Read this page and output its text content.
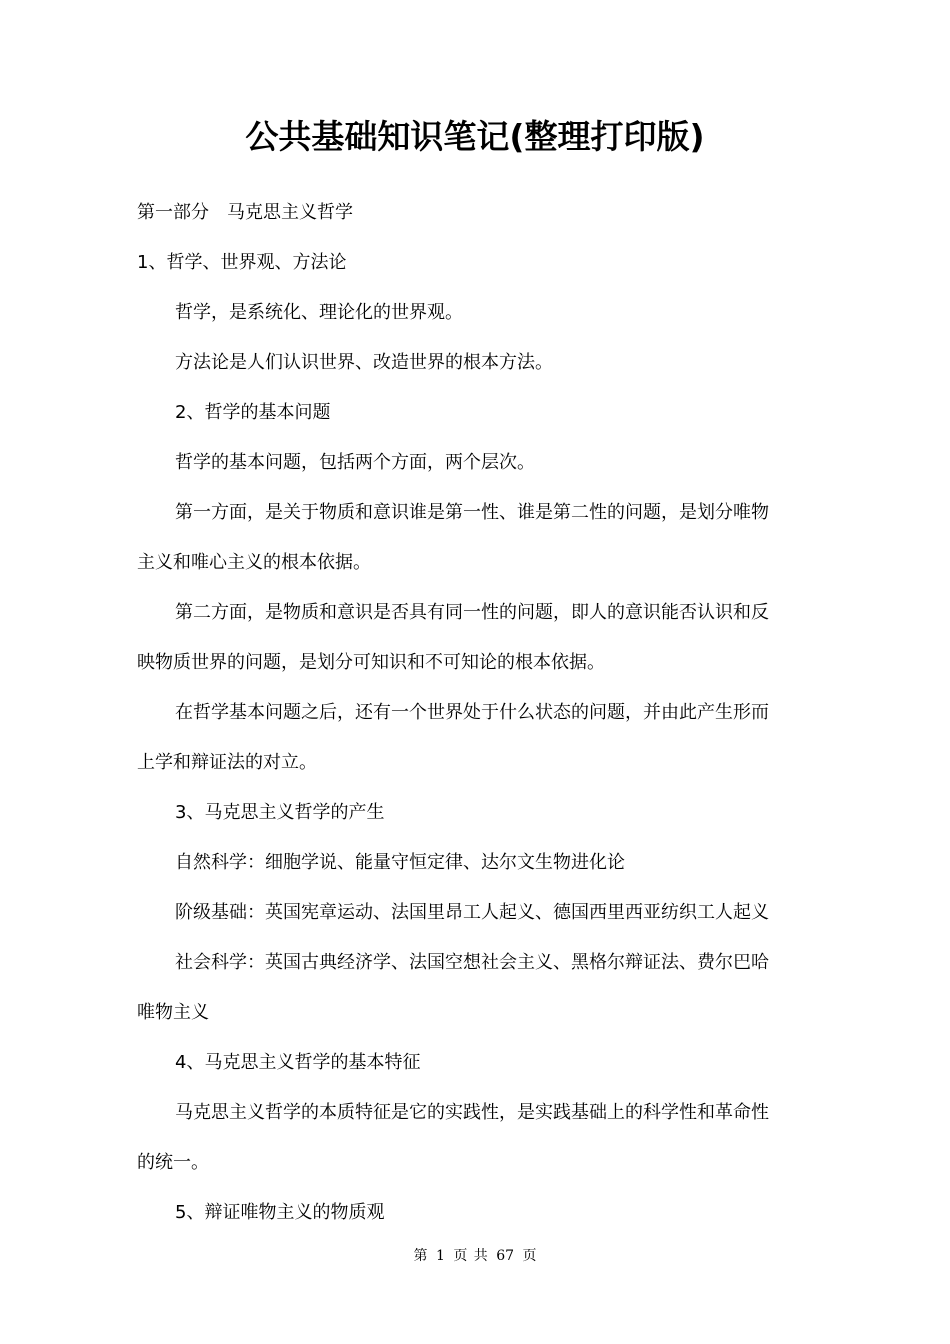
公共基础知识笔记(整理打印版)

第一部分　马克思主义哲学

1、哲学、世界观、方法论

哲学，是系统化、理论化的世界观。

方法论是人们认识世界、改造世界的根本方法。

2、哲学的基本问题

哲学的基本问题，包括两个方面，两个层次。

第一方面，是关于物质和意识谁是第一性、谁是第二性的问题，是划分唯物

主义和唯心主义的根本依据。

第二方面，是物质和意识是否具有同一性的问题，即人的意识能否认识和反

映物质世界的问题，是划分可知识和不可知论的根本依据。

在哲学基本问题之后，还有一个世界处于什么状态的问题，并由此产生形而

上学和辩证法的对立。

3、马克思主义哲学的产生

自然科学：细胞学说、能量守恒定律、达尔文生物进化论

阶级基础：英国宪章运动、法国里昂工人起义、德国西里西亚纺织工人起义

社会科学：英国古典经济学、法国空想社会主义、黑格尔辩证法、费尔巴哈

唯物主义

4、马克思主义哲学的基本特征

马克思主义哲学的本质特征是它的实践性，是实践基础上的科学性和革命性

的统一。

5、辩证唯物主义的物质观

第 1 页 共 67 页
